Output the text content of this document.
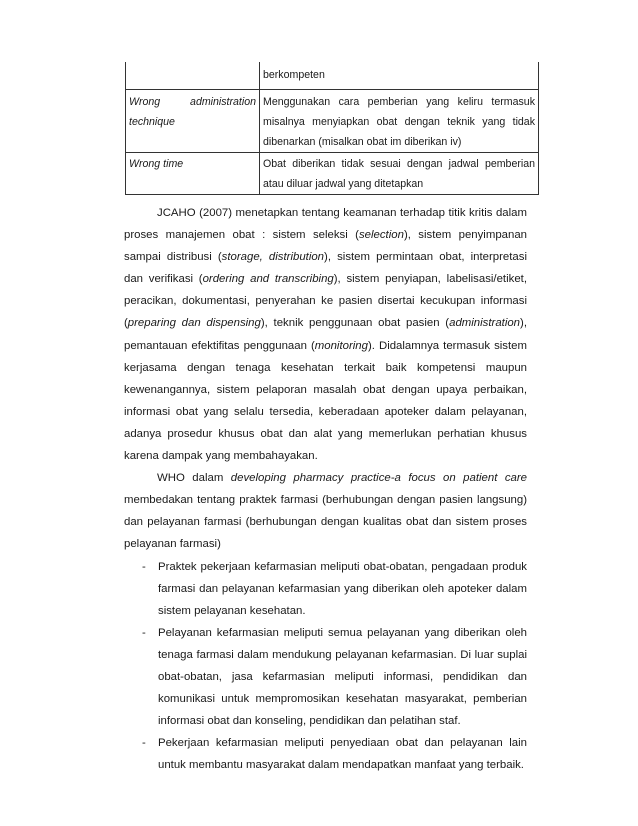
	berkompeten

Wrong administration
technique	Menggunakan cara pemberian yang keliru termasuk misalnya menyiapkan obat dengan teknik yang tidak dibenarkan (misalkan obat im diberikan iv)
Wrong time	Obat diberikan tidak sesuai dengan jadwal pemberian atau diluar jadwal yang ditetapkan

JCAHO (2007) menetapkan tentang keamanan terhadap titik kritis dalam proses manajemen obat : sistem seleksi (selection), sistem penyimpanan sampai distribusi (storage, distribution), sistem permintaan obat, interpretasi dan verifikasi (ordering and transcribing), sistem penyiapan, labelisasi/etiket, peracikan, dokumentasi, penyerahan ke pasien disertai kecukupan informasi (preparing dan dispensing), teknik penggunaan obat pasien (administration), pemantauan efektifitas penggunaan (monitoring). Didalamnya termasuk sistem kerjasama dengan tenaga kesehatan terkait baik kompetensi maupun kewenangannya, sistem pelaporan masalah obat dengan upaya perbaikan, informasi obat yang selalu tersedia, keberadaan apoteker dalam pelayanan, adanya prosedur khusus obat dan alat yang memerlukan perhatian khusus karena dampak yang membahayakan.

WHO dalam developing pharmacy practice-a focus on patient care membedakan tentang praktek farmasi (berhubungan dengan pasien langsung) dan pelayanan farmasi (berhubungan dengan kualitas obat dan sistem proses pelayanan farmasi)

- Praktek pekerjaan kefarmasian meliputi obat-obatan, pengadaan produk farmasi dan pelayanan kefarmasian yang diberikan oleh apoteker dalam sistem pelayanan kesehatan.
- Pelayanan kefarmasian meliputi semua pelayanan yang diberikan oleh tenaga farmasi dalam mendukung pelayanan kefarmasian. Di luar suplai obat-obatan, jasa kefarmasian meliputi informasi, pendidikan dan komunikasi untuk mempromosikan kesehatan masyarakat, pemberian informasi obat dan konseling, pendidikan dan pelatihan staf.
- Pekerjaan kefarmasian meliputi penyediaan obat dan pelayanan lain untuk membantu masyarakat dalam mendapatkan manfaat yang terbaik.
